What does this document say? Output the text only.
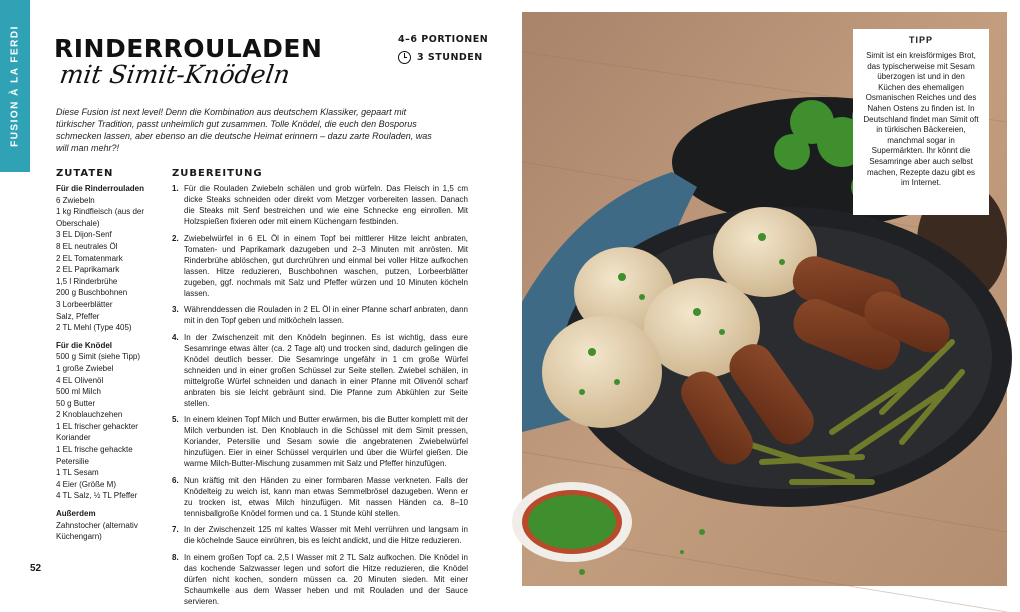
FUSION À LA FERDI RINDERROULADEN
mit Simit-Knödeln
4–6 PORTIONEN
3 STUNDEN

Diese Fusion ist next level! Denn die Kombination aus deutschem Klassiker, gepaart mit türkischer Tradition, passt unheimlich gut zusammen. Tolle Knödel, die euch den Bosporus schmecken lassen, aber ebenso an die deutsche Heimat erinnern – dazu zarte Rouladen, was will man mehr?!

ZUTATEN	ZUBEREITUNG
Für die Rinderrouladen
6 Zwiebeln
1 kg Rindfleisch (aus der Oberschale)
3 EL Dijon-Senf
8 EL neutrales Öl
2 EL Tomatenmark
2 EL Paprikamark
1,5 l Rinderbrühe
200 g Buschbohnen
3 Lorbeerblätter
Salz, Pfeffer
2 TL Mehl (Type 405)
Für die Knödel
500 g Simit (siehe Tipp)
1 große Zwiebel
4 EL Olivenöl
500 ml Milch
50 g Butter
2 Knoblauchzehen
1 EL frischer gehackter Koriander
1 EL frische gehackte Petersilie
1 TL Sesam
4 Eier (Größe M)
4 TL Salz, ½ TL Pfeffer
Außerdem
Zahnstocher (alternativ Küchengarn)
1. Für die Rouladen Zwiebeln schälen und grob würfeln. Das Fleisch in 1,5 cm dicke Steaks schneiden oder direkt vom Metzger vorbereiten lassen. Danach die Steaks mit Senf bestreichen und wie eine Schnecke eng einrollen. Mit Holzspießen fixieren oder mit einem Küchengarn festbinden.
2. Zwiebelwürfel in 6 EL Öl in einem Topf bei mittlerer Hitze leicht anbraten, Tomaten- und Paprikamark dazugeben und 2–3 Minuten mit anrösten. Mit Rinderbrühe ablöschen, gut durchrühren und einmal bei voller Hitze aufkochen lassen. Hitze reduzieren, Buschbohnen waschen, putzen, Lorbeerblätter zugeben, ggf. nochmals mit Salz und Pfeffer würzen und 10 Minuten köcheln lassen.
3. Währenddessen die Rouladen in 2 EL Öl in einer Pfanne scharf anbraten, dann mit in den Topf geben und mitköcheln lassen.
4. In der Zwischenzeit mit den Knödeln beginnen. Es ist wichtig, dass eure Sesamringe etwas älter (ca. 2 Tage alt) und trocken sind, dadurch gelingen die Knödel deutlich besser. Die Sesamringe ungefähr in 1 cm große Würfel schneiden und in einer großen Schüssel zur Seite stellen. Zwiebel schälen, in mittelgroße Würfel schneiden und danach in einer Pfanne mit Olivenöl scharf anbraten bis sie leicht gebräunt sind. Die Pfanne zum Abkühlen zur Seite stellen.
5. In einem kleinen Topf Milch und Butter erwärmen, bis die Butter komplett mit der Milch verbunden ist. Den Knoblauch in die Schüssel mit dem Simit pressen, Koriander, Petersilie und Sesam sowie die angebratenen Zwiebelwürfel hinzufügen. Eier in einer Schüssel verquirlen und über die Würfel gießen. Die warme Milch-Butter-Mischung zusammen mit Salz und Pfeffer hinzufügen.
6. Nun kräftig mit den Händen zu einer formbaren Masse verkneten. Falls der Knödelteig zu weich ist, kann man etwas Semmelbrösel dazugeben. Wenn er zu trocken ist, etwas Milch hinzufügen. Mit nassen Händen ca. 8–10 tennisballgroße Knödel formen und ca. 1 Stunde kühl stellen.
7. In der Zwischenzeit 125 ml kaltes Wasser mit Mehl verrühren und langsam in die köchelnde Sauce einrühren, bis es leicht andickt, und die Hitze reduzieren.
8. In einem großen Topf ca. 2,5 l Wasser mit 2 TL Salz aufkochen. Die Knödel in das kochende Salzwasser legen und sofort die Hitze reduzieren, die Knödel dürfen nicht kochen, sondern müssen ca. 20 Minuten sieden. Mit einer Schaumkelle aus dem Wasser heben und mit Rouladen und der Sauce servieren.
52
TIPP
Simit ist ein kreisförmiges Brot, das typischerweise mit Sesam überzogen ist und in den Küchen des ehemaligen Osmanischen Reiches und des Nahen Ostens zu finden ist. In Deutschland findet man Simit oft in türkischen Bäckereien, manchmal sogar in Supermärkten. Ihr könnt die Sesamringe aber auch selbst machen, Rezepte dazu gibt es im Internet.
